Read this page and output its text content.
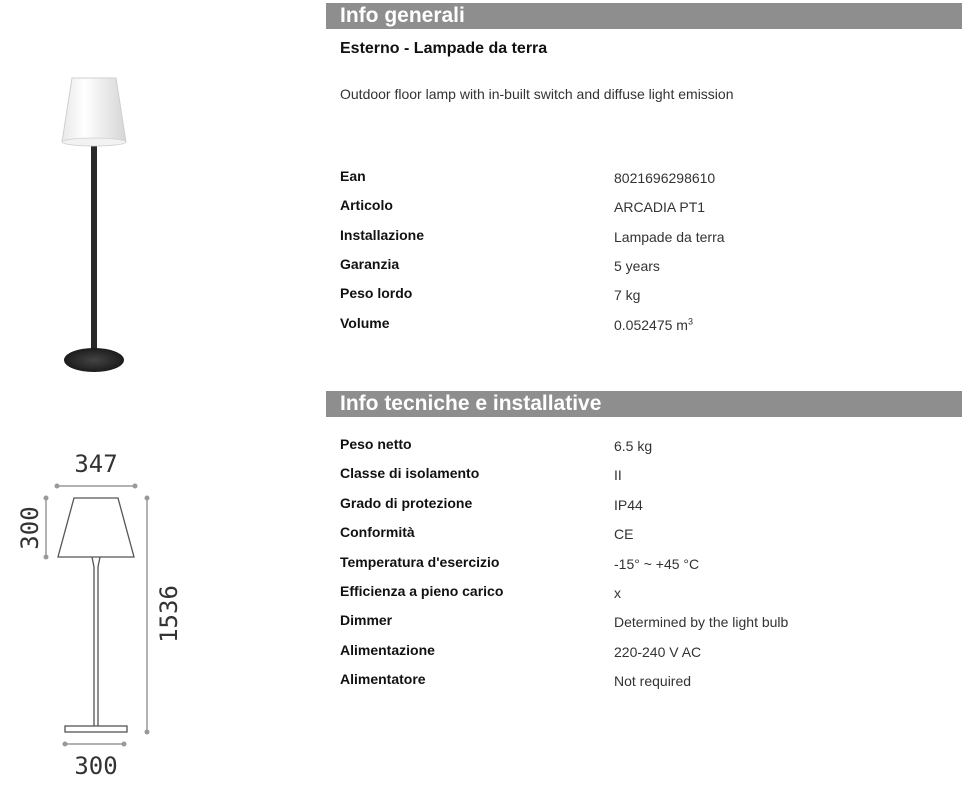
347
300
1536
300
Info generali
Esterno - Lampade da terra
Outdoor floor lamp with in-built switch and diffuse light emission
Ean	8021696298610
Articolo	ARCADIA PT1
Installazione	Lampade da terra
Garanzia	5 years
Peso lordo	7 kg
Volume	0.052475 $m^3$
Info tecniche e installative
Peso netto	6.5 kg
Classe di isolamento	II
Grado di protezione	IP44
Conformità	CE
Temperatura d'esercizio	-15° ~ +45 °C
Efficienza a pieno carico	x
Dimmer	Determined by the light bulb
Alimentazione	220-240 V AC
Alimentatore	Not required
